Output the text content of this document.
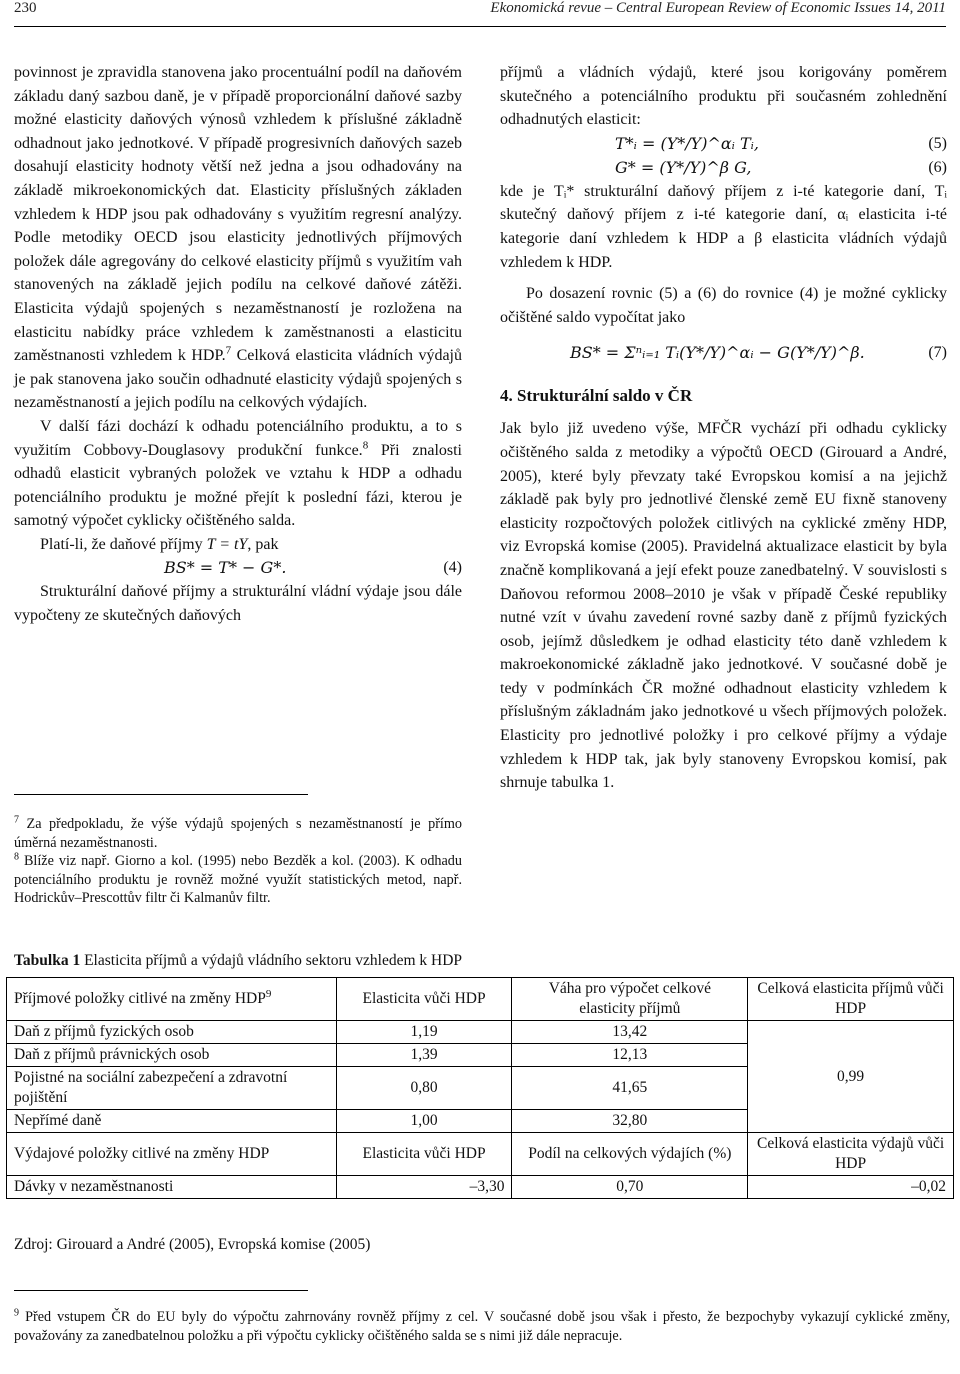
230	Ekonomická revue – Central European Review of Economic Issues 14, 2011

povinnost je zpravidla stanovena jako procentuální podíl na daňovém základu daný sazbou daně, je v případě proporcionální daňové sazby možné elasticity daňových výnosů vzhledem k příslušné základně odhadnout jako jednotkové. V případě progresivních daňových sazeb dosahují elasticity hodnoty větší než jedna a jsou odhadovány na základě mikroekonomických dat. Elasticity příslušných základen vzhledem k HDP jsou pak odhadovány s využitím regresní analýzy. Podle metodiky OECD jsou elasticity jednotlivých příjmových položek dále agregovány do celkové elasticity příjmů s využitím vah stanovených na základě jejich podílu na celkové daňové zátěži. Elasticita výdajů spojených s nezaměstnaností je rozložena na elasticitu nabídky práce vzhledem k zaměstnanosti a elasticitu zaměstnanosti vzhledem k HDP.$^7$ Celková elasticita vládních výdajů je pak stanovena jako součin odhadnuté elasticity výdajů spojených s nezaměstnaností a jejich podílu na celkových výdajích.

V další fázi dochází k odhadu potenciálního produktu, a to s využitím Cobbovy-Douglasovy produkční funkce.$^8$ Při znalosti odhadů elasticit vybraných položek ve vztahu k HDP a odhadu potenciálního produktu je možné přejít k poslední fázi, kterou je samotný výpočet cyklicky očištěného salda.

Platí-li, že daňové příjmy T = tY, pak

BS* = T* − G*.	(4)

Strukturální daňové příjmy a strukturální vládní výdaje jsou dále vypočteny ze skutečných daňových

$^7$ Za předpokladu, že výše výdajů spojených s nezaměstnaností je přímo úměrná nezaměstnanosti.

$^8$ Blíže viz např. Giorno a kol. (1995) nebo Bezděk a kol. (2003). K odhadu potenciálního produktu je rovněž možné využít statistických metod, např. Hodrickův–Prescottův filtr či Kalmanův filtr.

příjmů a vládních výdajů, které jsou korigovány poměrem skutečného a potenciálního produktu při současném zohlednění odhadnutých elasticit:

T*ᵢ = (Y*/Y)^αᵢ Tᵢ,	(5)
G* = (Y*/Y)^β G,	(6)

kde je Tᵢ* strukturální daňový příjem z i-té kategorie daní, Tᵢ skutečný daňový příjem z i-té kategorie daní, αᵢ elasticita i-té kategorie daní vzhledem k HDP a β elasticita vládních výdajů vzhledem k HDP.

Po dosazení rovnic (5) a (6) do rovnice (4) je možné cyklicky očištěné saldo vypočítat jako

BS* = Σⁿᵢ₌₁ Tᵢ(Y*/Y)^αᵢ − G(Y*/Y)^β.	(7)
4. Strukturální saldo v ČR

Jak bylo již uvedeno výše, MFČR vychází při odhadu cyklicky očištěného salda z metodiky a výpočtů OECD (Girouard a André, 2005), které byly převzaty také Evropskou komisí a na jejichž základě pak byly pro jednotlivé členské země EU fixně stanoveny elasticity rozpočtových položek citlivých na cyklické změny HDP, viz Evropská komise (2005). Pravidelná aktualizace elasticit by byla značně komplikovaná a její efekt pouze zanedbatelný. V souvislosti s Daňovou reformou 2008–2010 je však v případě České republiky nutné vzít v úvahu zavedení rovné sazby daně z příjmů fyzických osob, jejímž důsledkem je odhad elasticity této daně vzhledem k makroekonomické základně jako jednotkové. V současné době je tedy v podmínkách ČR možné odhadnout elasticity vzhledem k příslušným základnám jako jednotkové u všech příjmových položek. Elasticity pro jednotlivé položky i pro celkové příjmy a výdaje vzhledem k HDP tak, jak byly stanoveny Evropskou komisí, pak shrnuje tabulka 1.

Tabulka 1 Elasticita příjmů a výdajů vládního sektoru vzhledem k HDP
Příjmové položky citlivé na změny HDP$^9$	Elasticita vůči HDP	Váha pro výpočet celkové elasticity příjmů	Celková elasticita příjmů vůči HDP
Daň z příjmů fyzických osob	1,19	13,42	0,99
Daň z příjmů právnických osob	1,39	12,13	
Pojistné na sociální zabezpečení a zdravotní pojištění	0,80	41,65	
Nepřímé daně	1,00	32,80	
Výdajové položky citlivé na změny HDP	Elasticita vůči HDP	Podíl na celkových výdajích (%)	Celková elasticita výdajů vůči HDP
Dávky v nezaměstnanosti	–3,30	0,70	–0,02
Zdroj: Girouard a André (2005), Evropská komise (2005)

$^9$ Před vstupem ČR do EU byly do výpočtu zahrnovány rovněž příjmy z cel. V současné době jsou však i přesto, že bezpochyby vykazují cyklické změny, považovány za zanedbatelnou položku a při výpočtu cyklicky očištěného salda se s nimi již dále nepracuje.
